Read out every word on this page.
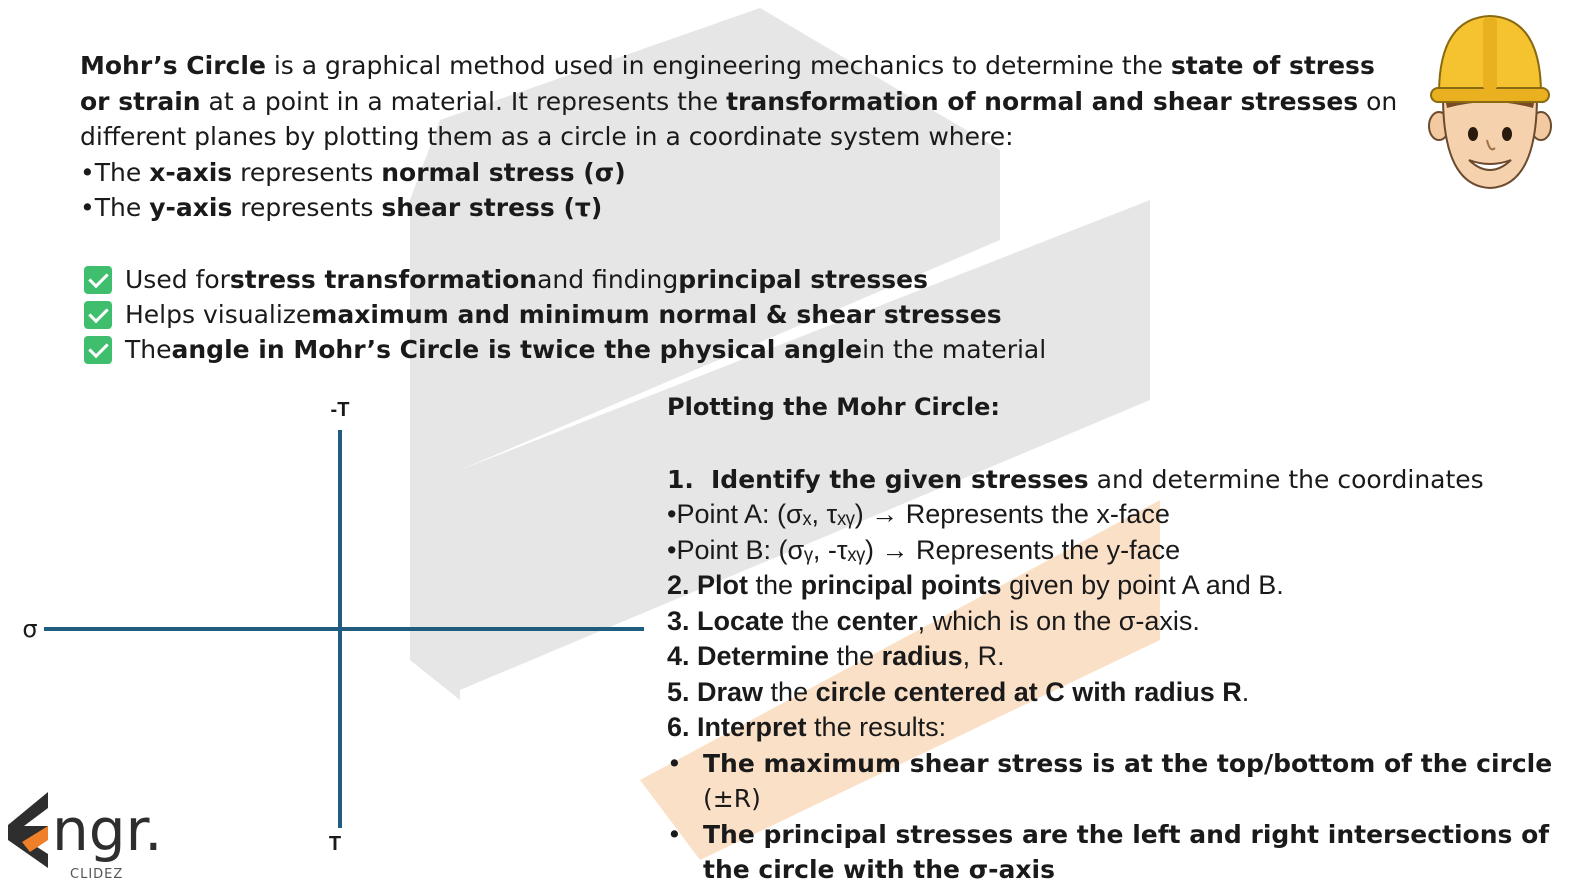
Mohr’s Circle is a graphical method used in engineering mechanics to determine the state of stress or strain at a point in a material. It represents the transformation of normal and shear stresses on different planes by plotting them as a circle in a coordinate system where:

•The x-axis represents normal stress (σ)
•The y-axis represents shear stress (τ)
Used for stress transformation and finding principal stresses
Helps visualize maximum and minimum normal & shear stresses
The angle in Mohr’s Circle is twice the physical angle in the material
-T
T
σ

Plotting the Mohr Circle:

1. Identify the given stresses and determine the coordinates

•Point A: (σₓ, τₓᵧ) → Represents the x-face

•Point B: (σᵧ, -τₓᵧ) → Represents the y-face

2. Plot the principal points given by point A and B.

3. Locate the center, which is on the σ-axis.

4. Determine the radius, R.

5. Draw the circle centered at C with radius R.

6. Interpret the results:

• The maximum shear stress is at the top/bottom of the circle (±R)

• The principal stresses are the left and right intersections of the circle with the σ-axis

ngr.
CLIDEZ
